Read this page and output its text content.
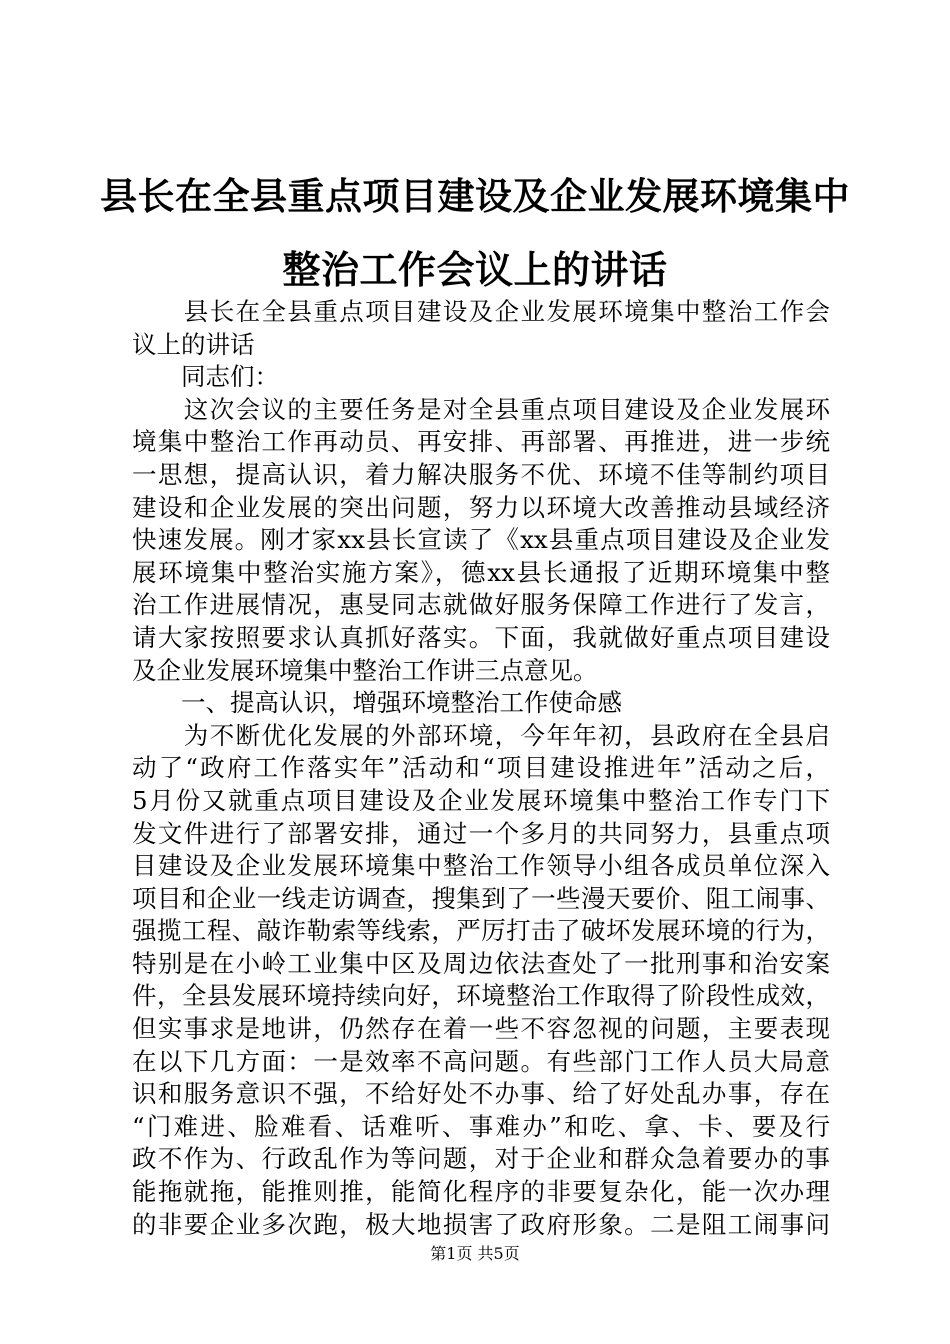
县长在全县重点项目建设及企业发展环境集中
整治工作会议上的讲话
　　县长在全县重点项目建设及企业发展环境集中整治工作会
议上的讲话
　　同志们：
　　这次会议的主要任务是对全县重点项目建设及企业发展环
境集中整治工作再动员、再安排、再部署、再推进，进一步统
一思想，提高认识，着力解决服务不优、环境不佳等制约项目
建设和企业发展的突出问题，努力以环境大改善推动县域经济
快速发展。刚才家xx县长宣读了《xx县重点项目建设及企业发
展环境集中整治实施方案》，德xx县长通报了近期环境集中整
治工作进展情况，惠旻同志就做好服务保障工作进行了发言，
请大家按照要求认真抓好落实。下面，我就做好重点项目建设
及企业发展环境集中整治工作讲三点意见。
　　一、提高认识，增强环境整治工作使命感
　　为不断优化发展的外部环境，今年年初，县政府在全县启
动了“政府工作落实年”活动和“项目建设推进年”活动之后，
5月份又就重点项目建设及企业发展环境集中整治工作专门下
发文件进行了部署安排，通过一个多月的共同努力，县重点项
目建设及企业发展环境集中整治工作领导小组各成员单位深入
项目和企业一线走访调查，搜集到了一些漫天要价、阻工闹事、
强揽工程、敲诈勒索等线索，严厉打击了破坏发展环境的行为，
特别是在小岭工业集中区及周边依法查处了一批刑事和治安案
件，全县发展环境持续向好，环境整治工作取得了阶段性成效，
但实事求是地讲，仍然存在着一些不容忽视的问题，主要表现
在以下几方面：一是效率不高问题。有些部门工作人员大局意
识和服务意识不强，不给好处不办事、给了好处乱办事，存在
“门难进、脸难看、话难听、事难办”和吃、拿、卡、要及行
政不作为、行政乱作为等问题，对于企业和群众急着要办的事
能拖就拖，能推则推，能简化程序的非要复杂化，能一次办理
的非要企业多次跑，极大地损害了政府形象。二是阻工闹事问
第1页 共5页
